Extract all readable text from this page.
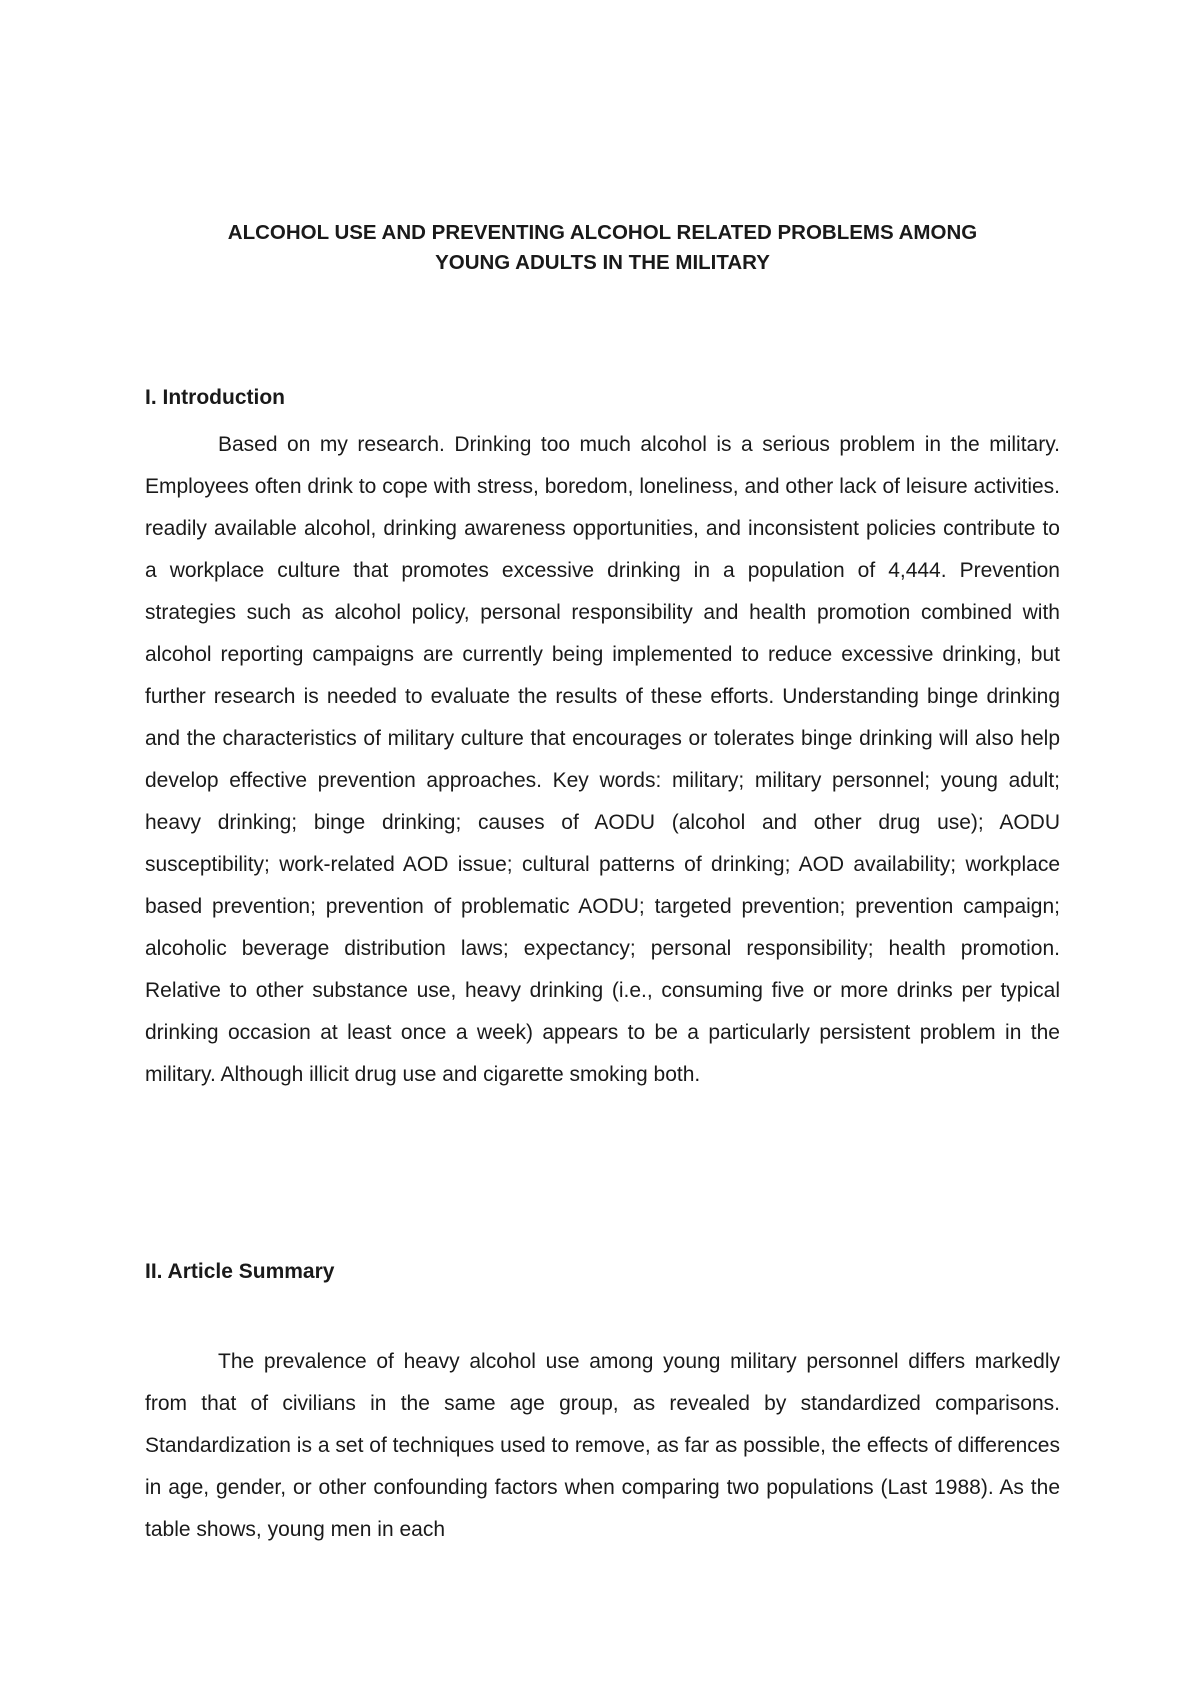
ALCOHOL USE AND PREVENTING ALCOHOL RELATED PROBLEMS AMONG
YOUNG ADULTS IN THE MILITARY
I. Introduction

Based on my research. Drinking too much alcohol is a serious problem in the military. Employees often drink to cope with stress, boredom, loneliness, and other lack of leisure activities. readily available alcohol, drinking awareness opportunities, and inconsistent policies contribute to a workplace culture that promotes excessive drinking in a population of 4,444. Prevention strategies such as alcohol policy, personal responsibility and health promotion combined with alcohol reporting campaigns are currently being implemented to reduce excessive drinking, but further research is needed to evaluate the results of these efforts. Understanding binge drinking and the characteristics of military culture that encourages or tolerates binge drinking will also help develop effective prevention approaches. Key words: military; military personnel; young adult; heavy drinking; binge drinking; causes of AODU (alcohol and other drug use); AODU susceptibility; work-related AOD issue; cultural patterns of drinking; AOD availability; workplace based prevention; prevention of problematic AODU; targeted prevention; prevention campaign; alcoholic beverage distribution laws; expectancy; personal responsibility; health promotion. Relative to other substance use, heavy drinking (i.e., consuming five or more drinks per typical drinking occasion at least once a week) appears to be a particularly persistent problem in the military. Although illicit drug use and cigarette smoking both.

II. Article Summary

The prevalence of heavy alcohol use among young military personnel differs markedly from that of civilians in the same age group, as revealed by standardized comparisons. Standardization is a set of techniques used to remove, as far as possible, the effects of differences in age, gender, or other confounding factors when comparing two populations (Last 1988). As the table shows, young men in each
